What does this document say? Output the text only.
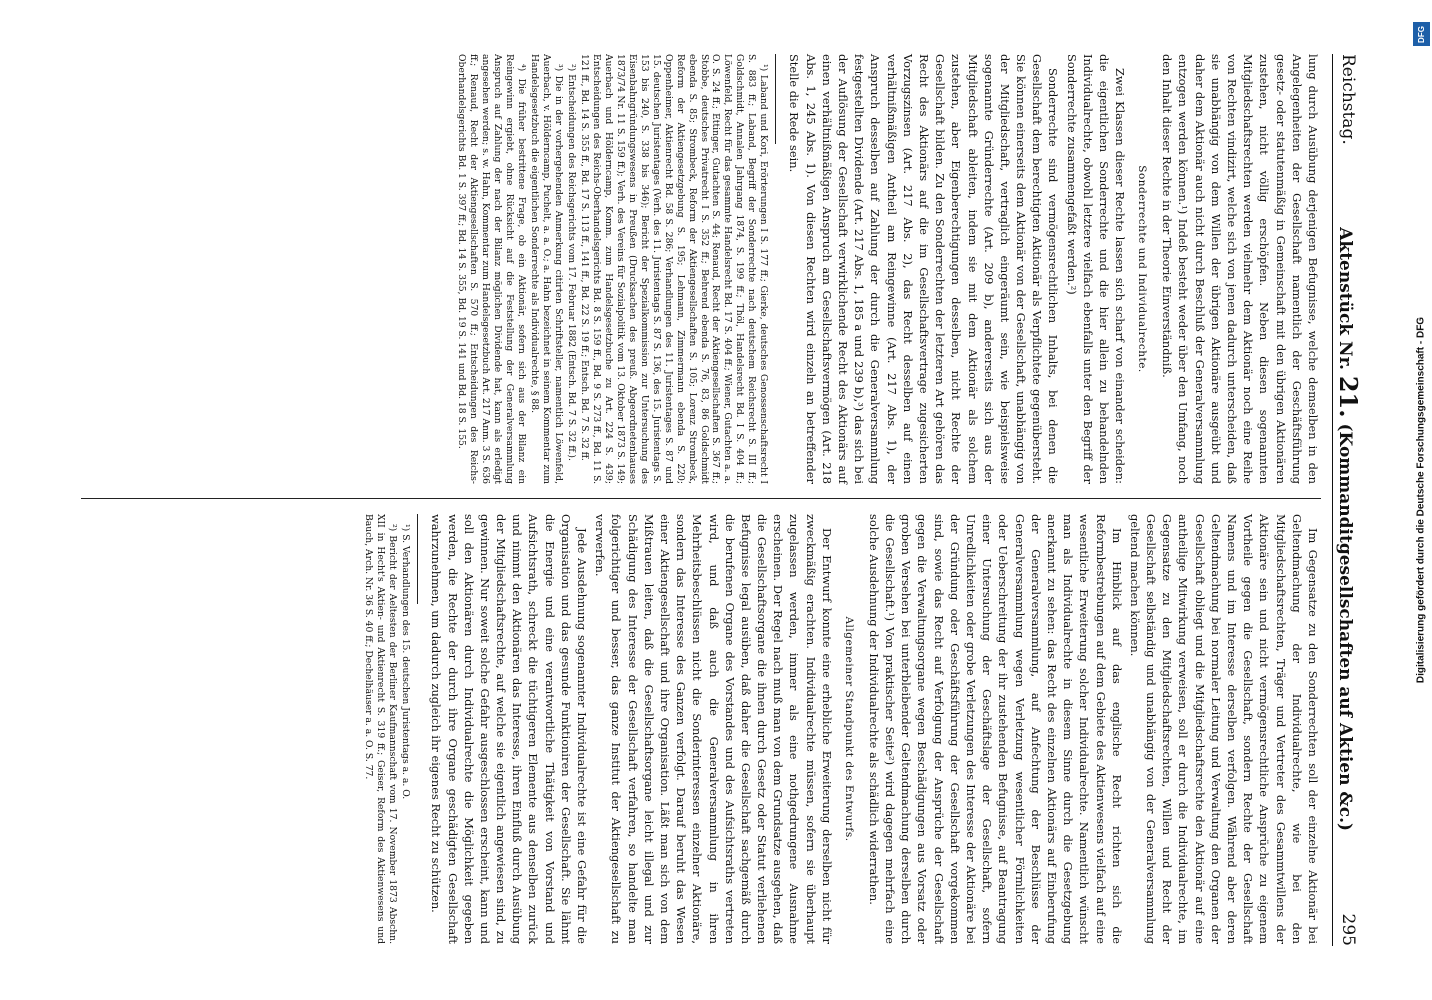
Reichstag.
Aktenstück Nr. 21. (Kommanditgesellschaften auf Aktien &c.)
295

lung durch Ausübung derjenigen Befugnisse, welche demselben in den Angelegenheiten der Gesellschaft namentlich der Geschäftsführung gesetz- oder statutenmäßig in Gemeinschaft mit den übrigen Aktionären zustehen, nicht völlig erschöpfen. Neben diesen sogenannten Mitgliedschaftsrechten werden vielmehr dem Aktionär noch eine Reihe von Rechten vindizirt, welche sich von jenen dadurch unterscheiden, daß sie unabhängig von dem Willen der übrigen Aktionäre ausgeübt und daher dem Aktionär auch nicht durch Beschluß der Generalversammlung entzogen werden können.¹) Indeß besteht weder über den Umfang, noch den Inhalt dieser Rechte in der Theorie Einverständniß.

Sonderrechte und Individualrechte.

Zwei Klassen dieser Rechte lassen sich scharf von einander scheiden: die eigentlichen Sonderrechte und die hier allein zu behandelnden Individualrechte, obwohl letztere vielfach ebenfalls unter den Begriff der Sonderrechte zusammengefaßt werden.²)

Sonderrechte sind vermögensrechtlichen Inhalts, bei denen die Gesellschaft dem berechtigten Aktionär als Verpflichtete gegenübersteht. Sie können einerseits dem Aktionär von der Gesellschaft, unabhängig von der Mitgliedschaft, vertraglich eingeräumt sein, wie beispielsweise sogenannte Gründerrechte (Art. 209 b), andererseits sich aus der Mitgliedschaft ableiten, indem sie mit dem Aktionär als solchem zustehen, aber Eigenberechtigungen desselben, nicht Rechte der Gesellschaft bilden. Zu den Sonderrechten der letzteren Art gehören das Recht des Aktionärs auf die im Gesellschaftsvertrage zugesicherten Vorzugszinsen (Art. 217 Abs. 2), das Recht desselben auf einen verhältnißmäßigen Antheil am Reingewinne (Art. 217 Abs. 1), der Anspruch desselben auf Zahlung der durch die Generalversammlung festgestellten Dividende (Art. 217 Abs. 1, 185 a und 239 b),³) das sich bei der Auflösung der Gesellschaft verwirklichende Recht des Aktionärs auf einen verhältnißmäßigen Anspruch am Gesellschaftsvermögen (Art. 218 Abs. 1, 245 Abs. 1). Von diesen Rechten wird einzeln an betreffender Stelle die Rede sein.

¹) Laband und Kori, Erörterungen I S. 177 ff.; Gierke, deutsches Genossenschaftsrecht I S. 883 ff.; Laband, Begriff der Sonderrechte nach deutschem Reichsrecht S. III ff.; Goldschmidt, Annalen Jahrgang 1874, S. 199 ff.; Thöl, Handelsrecht Bd. I S. 404 ff.; Löwenfeld, Recht für das gesammte Handelsrecht Bd. 17 S. 404 ff.; Wiener, Gutachten a. a. O. S. 24 ff.; Ettinger, Gutachten S. 44; Renaud, Recht der Aktiengesellschaften S. 367 ff.; Stobbe, deutsches Privatrecht I S. 352 ff.; Behrend ebenda S. 76, 83, 86 Goldschmidt ebenda S. 85; Strombeck, Reform der Aktiengesellschaften S. 105; Lorenz Strombeck, Reform der Aktiengesetzgebung S. 195; Lehmann, Zimmermann ebenda S. 220; Oppenheimer, Aktienrecht Bd. 58 S. 286; Verhandlungen des 11. Juristentages S. 87 und 15. deutschen Juristentages (Verh. des 11. Juristentags S. 87 S. 136, des 15. Juristentags S. 153 bis 240, S. 338 bis 346); Bericht der Spezialkommission zur Untersuchung des Eisenbahngründungswesens in Preußen (Drucksachen des preuß. Abgeordnetenhauses 1873/74 Nr. 11 S. 159 ff.); Verh. des Vereins für Sozialpolitik vom 13. Oktober 1873 S. 149; Auerbach und Hölderncamp, Komm. zum Handelsgesetzbuche zu Art. 224 S. 439; Entscheidungen des Reichs-Oberhandelsgerichts Bd. 8 S. 159 ff., Bd. 9 S. 273 ff., Bd. 11 S. 121 ff., Bd. 14 S. 355 ff., Bd. 17 S. 113 ff., 141 ff., Bd. 22 S. 19 ff.; Entsch. Bd. 7 S. 32 ff.
²) Entscheidungen des Reichsgerichts vom 17. Februar 1882 (Entsch. Bd. 7 S. 32 ff.).
³) Die in der vorhergehenden Anmerkung citirten Schriftsteller, namentlich Löwenfeld, Auerbach, v. Hölderncamp, Puchelt, a. a. O.; a. Hahn bezeichnet in seinem Kommentar zum Handelsgesetzbuch die eigentlichen Sonderrechte als Individualrechte, § 88.
⁴) Die früher bestrittene Frage, ob ein Aktionär, sofern sich aus der Bilanz ein Reingewinn ergiebt, ohne Rücksicht auf die Feststellung der Generalversammlung Anspruch auf Zahlung der nach der Bilanz möglichen Dividende hat, kann als erledigt angesehen werden; s. w. Hahn, Kommentar zum Handelsgesetzbuch Art. 217 Anm. 3 S. 636 ff.; Renaud, Recht der Aktiengesellschaften S. 570 ff.; Entscheidungen des Reichs-Oberhandelsgerichts Bd. 1 S. 397 ff.; Bd. 14 S. 355, Bd. 19 S. 141 und Bd. 18 S. 155.

Im Gegensatze zu den Sonderrechten soll der einzelne Aktionär bei Geltendmachung der Individualrechte, wie bei den Mitgliedschaftsrechten, Träger und Vertreter des Gesammtwillens der Aktionäre sein und nicht vermögensrechtliche Ansprüche zu eigenem Vortheile gegen die Gesellschaft, sondern Rechte der Gesellschaft Namens und im Interesse derselben verfolgen. Während aber deren Geltendmachung bei normaler Leitung und Verwaltung den Organen der Gesellschaft obliegt und die Mitgliedschaftsrechte den Aktionär auf eine antheilige Mitwirkung verweisen, soll er durch die Individualrechte, im Gegensatze zu den Mitgliedschaftsrechten, Willen und Recht der Gesellschaft selbständig und unabhängig von der Generalversammlung geltend machen können.

Im Hinblick auf das englische Recht richten sich die Reformbestrebungen auf dem Gebiete des Aktienwesens vielfach auf eine wesentliche Erweiterung solcher Individualrechte. Namentlich wünscht man als Individualrechte in diesem Sinne durch die Gesetzgebung anerkannt zu sehen: das Recht des einzelnen Aktionärs auf Einberufung der Generalversammlung, auf Anfechtung der Beschlüsse der Generalversammlung wegen Verletzung wesentlicher Förmlichkeiten oder Ueberschreitung der ihr zustehenden Befugnisse, auf Beantragung einer Untersuchung der Geschäftslage der Gesellschaft, sofern Unredlichkeiten oder grobe Verletzungen des Interesse der Aktionäre bei der Gründung oder Geschäftsführung der Gesellschaft vorgekommen sind, sowie das Recht auf Verfolgung der Ansprüche der Gesellschaft gegen die Verwaltungsorgane wegen Beschädigungen aus Vorsatz oder groben Versehen bei unterbleibender Geltendmachung derselben durch die Gesellschaft.¹) Von praktischer Seite²) wird dagegen mehrfach eine solche Ausdehnung der Individualrechte als schädlich widerrathen.

Allgemeiner Standpunkt des Entwurfs.

Der Entwurf konnte eine erhebliche Erweiterung derselben nicht für zweckmäßig erachten. Individualrechte müssen, sofern sie überhaupt zugelassen werden, immer als eine nothgedrungene Ausnahme erscheinen. Der Regel nach muß man von dem Grundsatze ausgehen, daß die Gesellschaftsorgane die ihnen durch Gesetz oder Statut verliehenen Befugnisse legal ausüben, daß daher die Gesellschaft sachgemäß durch die berufenen Organe des Vorstandes und des Aufsichtsraths vertreten wird, und daß auch die Generalversammlung in ihren Mehrheitsbeschlüssen nicht die Sonderinteressen einzelner Aktionäre, sondern das Interesse des Ganzen verfolgt. Darauf beruht das Wesen einer Aktiengesellschaft und ihre Organisation. Läßt man sich von dem Mißtrauen leiten, daß die Gesellschaftsorgane leicht illegal und zur Schädigung des Interesse der Gesellschaft verfahren, so handelte man folgerichtiger und besser, das ganze Institut der Aktiengesellschaft zu verwerfen.

Jede Ausdehnung sogenannter Individualrechte ist eine Gefahr für die Organisation und das gesunde Funktioniren der Gesellschaft. Sie lähmt die Energie und eine verantwortliche Thätigkeit von Vorstand und Aufsichtsrath, schreckt die tüchtigeren Elemente aus denselben zurück und nimmt den Aktionären das Interesse, ihren Einfluß durch Ausübung der Mitgliedschaftsrechte, auf welche sie eigentlich angewiesen sind, zu gewinnen. Nur soweit solche Gefahr ausgeschlossen erscheint, kann und soll den Aktionären durch Individualrechte die Möglichkeit gegeben werden, die Rechte der durch ihre Organe geschädigten Gesellschaft wahrzunehmen, um dadurch zugleich ihr eigenes Recht zu schützen.

¹) S. Verhandlungen des 15. deutschen Juristentags a. a. O.
²) Bericht der Aeltesten der Berliner Kaufmannschaft vom 17. November 1873 Abschn. XII in Hecht's Aktien- und Aktienrecht S. 319 ff.; Geiser, Reform des Aktienwesens und Bauch, Arch. Nr. 36 S. 40 ff.; Dechelhäuser a. a. O. S. 77.	Digitalisierung gefördert durch die Deutsche Forschungsgemeinschaft - DFG
DFG
